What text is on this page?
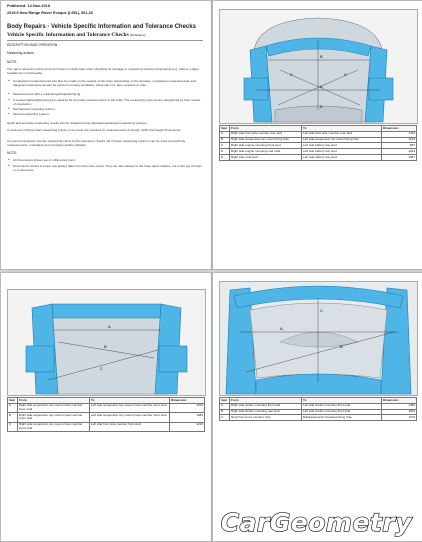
Published: 14-Nov-2018
2019.5 New Range Rover Evoque (L551), 501-26
Body Repairs - Vehicle Specific Information and Tolerance Checks
Vehicle Specific Information and Tolerance Checks (Dimension)
DESCRIPTION AND OPERATION
Measuring actions
NOTE:
The same reference points must be chosen on both sides when checking for damage or measuring vehicles dimensions (e.g. frames, edges, headlamps or bolt heads).
● Comparison measurements can also be made on the outside of the body. Depending on the damage, comparison measurements and diagonal measurements can be carried out using templates, telescopic rod, tape measure or ruler.
● Measurements with a measuring/straightening jig.
● A measuring/straightening jig is required for accurate measurements of the body. The measuring systems are categorized by their means of orientation:
● Mechanical measuring system.
● Optical measuring system.
Quick and accurate measuring results can be obtained using optical/computerised measuring systems.
A minimum of three intact measuring points on the body are required for measurements of length, width and height dimensions.
It is recommended to use the measuring points for the tolerance checks. All of these measuring systems can be used to read body measurements, controlled via a computer and/or software.
NOTE:
● All dimensions shown are in millimetres (mm).
● Dimensions shown to holes, are always taken from the hole centre. They are also always to the body panel surface, not to the top of holes or components.
A
B
C	D
E
Item	From	To	Dimension
A	Right side front side member rear stud	Left side front side member rear stud	1420
B	Right side suspension top mount fixing hole	Left side suspension top mount fixing hole	1154
C	Right side engine mounting front stud	Left side battery tray stud	897
D	Right side engine mounting rear stud	Left side battery tray stud	1024
E	Right side cowl stud	Left side battery tray stud	1087
A
B
C
Item	From	To	Dimension
A	Right side suspension top mount cross member inner stud	Left side suspension top mount cross member inner stud	1076
B	Right side suspension top mount cross member inner stud	Left side suspension top mount cross member inner stud	1083
C	Right side suspension top mount cross member inner stud	Left side front side member front stud	1216
A
B
C
Item	From	To	Dimension
A	Right side fender mounting front stud	Left side fender mounting front stud	1384
B	Right side fender mounting rear stud	Left side fender mounting front stud	1504
C	Roof front cross member hole	Bulkhead center threaded fixing hole	1279
CarGeometry
